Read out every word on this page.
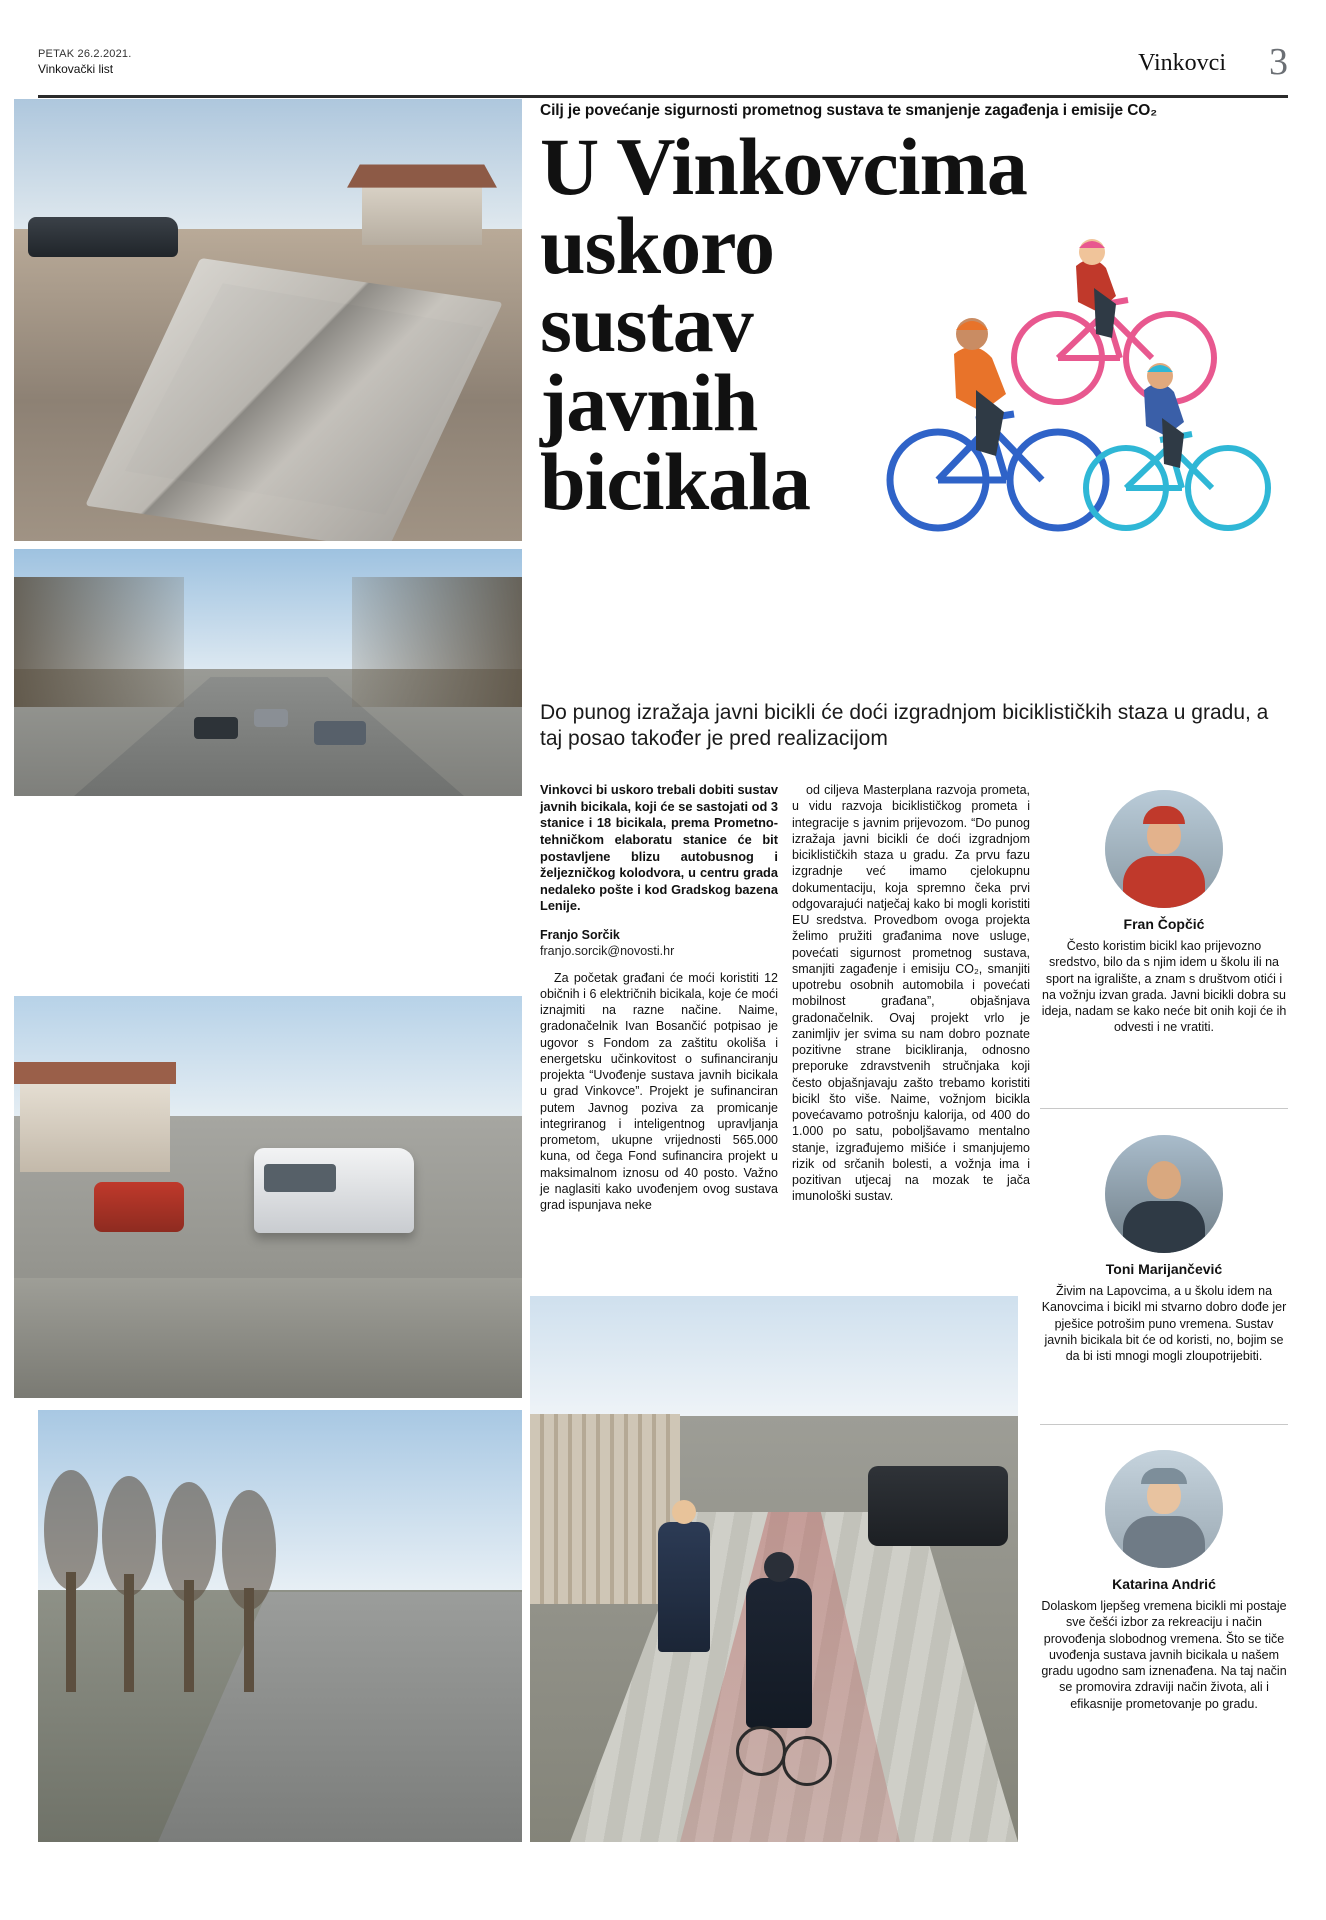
PETAK 26.2.2021.
Vinkovački list	Vinkovci 3
Cilj je povećanje sigurnosti prometnog sustava te smanjenje zagađenja i emisije CO₂
U Vinkovcima
uskoro
sustav
javnih
bicikala
Do punog izražaja javni bicikli će doći izgradnjom biciklističkih staza u gradu, a taj posao također je pred realizacijom
Vinkovci bi uskoro trebali dobiti sustav javnih bicikala, koji će se sastojati od 3 stanice i 18 bicikala, prema Prometno-tehničkom elaboratu stanice će bit postavljene blizu autobusnog i željezničkog kolodvora, u centru grada nedaleko pošte i kod Gradskog bazena Lenije.
Franjo Sorčik
franjo.sorcik@novosti.hr

Za početak građani će moći koristiti 12 običnih i 6 električnih bicikala, koje će moći iznajmiti na razne načine. Naime, gradonačelnik Ivan Bosančić potpisao je ugovor s Fondom za zaštitu okoliša i energetsku učinkovitost o sufinanciranju projekta “Uvođenje sustava javnih bicikala u grad Vinkovce”. Projekt je sufinanciran putem Javnog poziva za promicanje integriranog i inteligentnog upravljanja prometom, ukupne vrijednosti 565.000 kuna, od čega Fond sufinancira projekt u maksimalnom iznosu od 40 posto. Važno je naglasiti kako uvođenjem ovog sustava grad ispunjava neke

od ciljeva Masterplana razvoja prometa, u vidu razvoja biciklističkog prometa i integracije s javnim prijevozom. “Do punog izražaja javni bicikli će doći izgradnjom biciklističkih staza u gradu. Za prvu fazu izgradnje već imamo cjelokupnu dokumentaciju, koja spremno čeka prvi odgovarajući natječaj kako bi mogli koristiti EU sredstva. Provedbom ovoga projekta želimo pružiti građanima nove usluge, povećati sigurnost prometnog sustava, smanjiti zagađenje i emisiju CO₂, smanjiti upotrebu osobnih automobila i povećati mobilnost građana”, objašnjava gradonačelnik. Ovaj projekt vrlo je zanimljiv jer svima su nam dobro poznate pozitivne strane bicikliranja, odnosno preporuke zdravstvenih stručnjaka koji često objašnjavaju zašto trebamo koristiti bicikl što više. Naime, vožnjom bicikla povećavamo potrošnju kalorija, od 400 do 1.000 po satu, poboljšavamo mentalno stanje, izgrađujemo mišiće i smanjujemo rizik od srčanih bolesti, a vožnja ima i pozitivan utjecaj na mozak te jača imunološki sustav.

Fran Čopčić
Često koristim bicikl kao prijevozno sredstvo, bilo da s njim idem u školu ili na sport na igralište, a znam s društvom otići i na vožnju izvan grada. Javni bicikli dobra su ideja, nadam se kako neće bit onih koji će ih odvesti i ne vratiti.
Toni Marijančević
Živim na Lapovcima, a u školu idem na Kanovcima i bicikl mi stvarno dobro dođe jer pješice potrošim puno vremena. Sustav javnih bicikala bit će od koristi, no, bojim se da bi isti mnogi mogli zloupotrijebiti.
Katarina Andrić
Dolaskom ljepšeg vremena bicikli mi postaje sve češći izbor za rekreaciju i način provođenja slobodnog vremena. Što se tiče uvođenja sustava javnih bicikala u našem gradu ugodno sam iznenađena. Na taj način se promovira zdraviji način života, ali i efikasnije prometovanje po gradu.
